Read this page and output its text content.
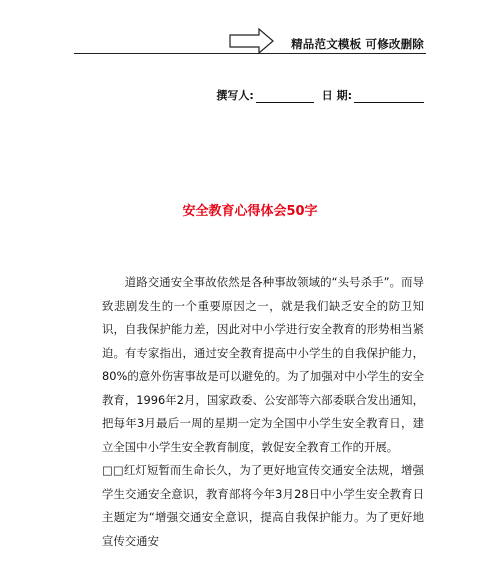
精品范文模板 可修改删除
撰写人:	日 期:
安全教育心得体会50字

道路交通安全事故依然是各种事故领域的“头号杀手”。而导致悲剧发生的一个重要原因之一，就是我们缺乏安全的防卫知识，自我保护能力差，因此对中小学进行安全教育的形势相当紧迫。有专家指出，通过安全教育提高中小学生的自我保护能力，80%的意外伤害事故是可以避免的。为了加强对中小学生的安全教育，1996年2月，国家政委、公安部等六部委联合发出通知，把每年3月最后一周的星期一定为全国中小学生安全教育日，建立全国中小学生安全教育制度，敦促安全教育工作的开展。

□□红灯短暂而生命长久，为了更好地宣传交通安全法规，增强学生交通安全意识，教育部将今年3月28日中小学生安全教育日主题定为“增强交通安全意识，提高自我保护能力。为了更好地宣传交通安
